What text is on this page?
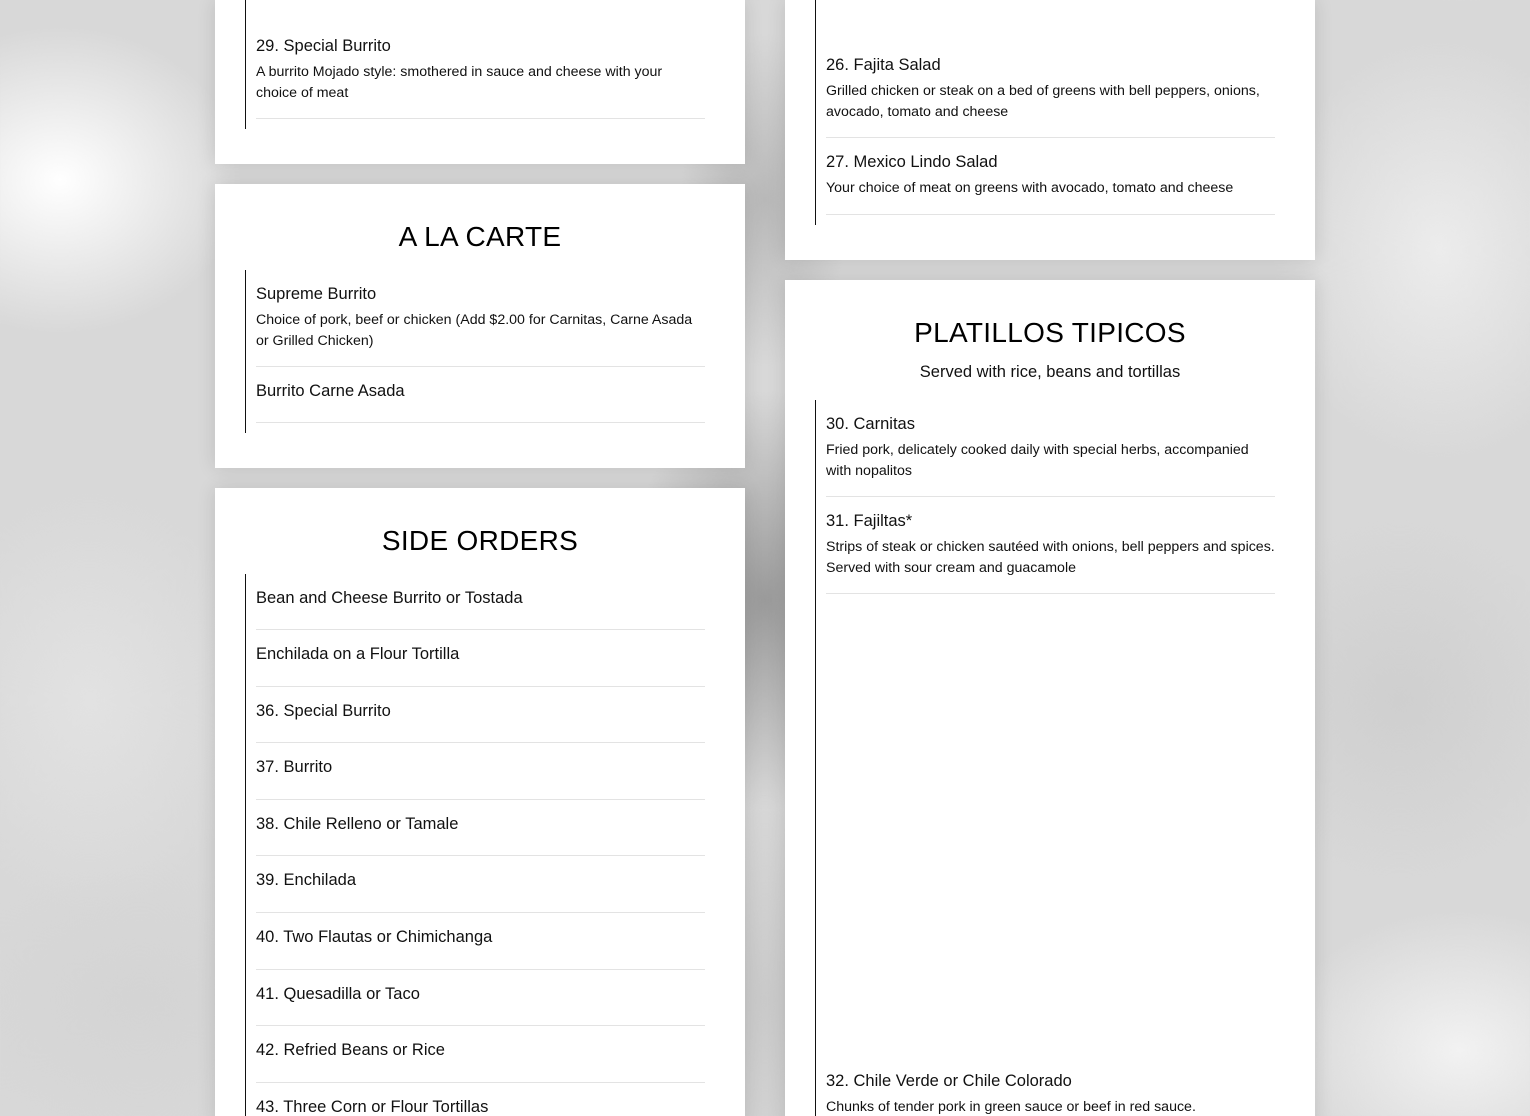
29. Special Burrito

A burrito Mojado style: smothered in sauce and cheese with your choice of meat

A LA CARTE

Supreme Burrito

Choice of pork, beef or chicken (Add $2.00 for Carnitas, Carne Asada or Grilled Chicken)

Burrito Carne Asada

SIDE ORDERS

Bean and Cheese Burrito or Tostada

Enchilada on a Flour Tortilla

36. Special Burrito

37. Burrito

38. Chile Relleno or Tamale

39. Enchilada

40. Two Flautas or Chimichanga

41. Quesadilla or Taco

42. Refried Beans or Rice

43. Three Corn or Flour Tortillas

26. Fajita Salad

Grilled chicken or steak on a bed of greens with bell peppers, onions, avocado, tomato and cheese

27. Mexico Lindo Salad

Your choice of meat on greens with avocado, tomato and cheese

PLATILLOS TIPICOS

Served with rice, beans and tortillas

30. Carnitas

Fried pork, delicately cooked daily with special herbs, accompanied with nopalitos

31. Fajiltas*

Strips of steak or chicken sautéed with onions, bell peppers and spices. Served with sour cream and guacamole

32. Chile Verde or Chile Colorado

Chunks of tender pork in green sauce or beef in red sauce.
